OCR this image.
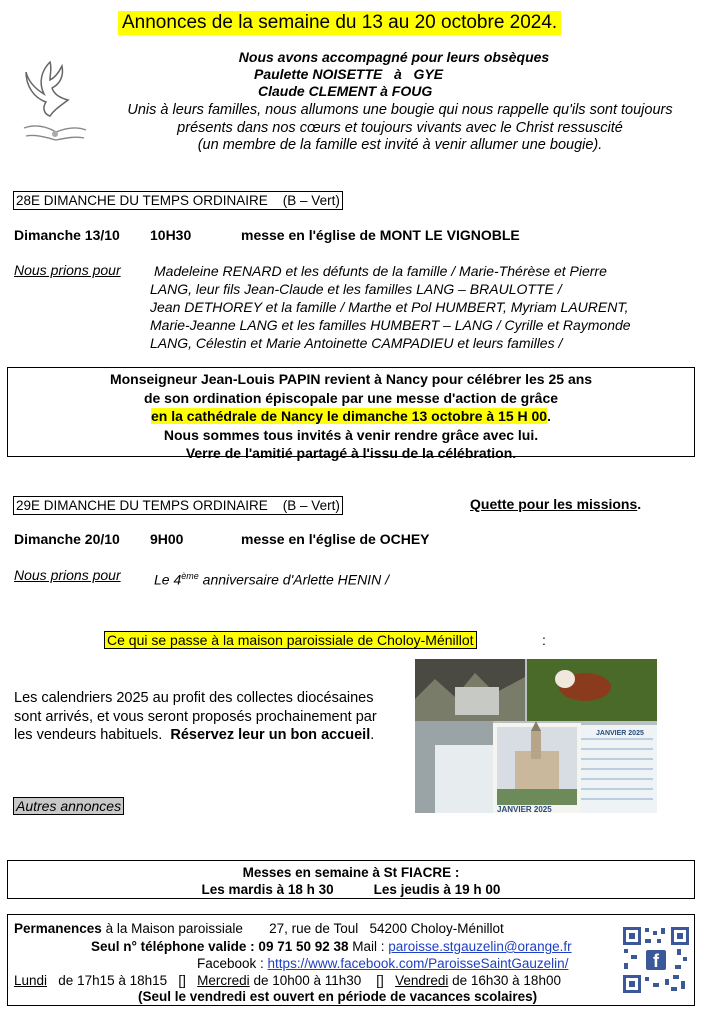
Annonces de la semaine du 13 au 20 octobre 2024.
Nous avons accompagné pour leurs obsèques
Paulette NOISETTE   à   GYE
Claude CLEMENT à FOUG
Unis à leurs familles, nous allumons une bougie qui nous rappelle qu'ils sont toujours
présents dans nos cœurs et toujours vivants avec le Christ ressuscité
(un membre de la famille est invité à venir allumer une bougie).
28E DIMANCHE DU TEMPS ORDINAIRE    (B – Vert)
Dimanche 13/10 10H30	messe en l'église de MONT LE VIGNOBLE
Nous prions pour Madeleine RENARD et les défunts de la famille / Marie-Thérèse et Pierre
LANG, leur fils Jean-Claude et les familles LANG – BRAULOTTE /
Jean DETHOREY et la famille / Marthe et Pol HUMBERT, Myriam LAURENT,
Marie-Jeanne LANG et les familles HUMBERT – LANG / Cyrille et Raymonde
LANG, Célestin et Marie Antoinette CAMPADIEU et leurs familles /
Monseigneur Jean-Louis PAPIN revient à Nancy pour célébrer les 25 ans
de son ordination épiscopale par une messe d'action de grâce
en la cathédrale de Nancy le dimanche 13 octobre à 15 H 00.
Nous sommes tous invités à venir rendre grâce avec lui.
Verre de l'amitié partagé à l'issu de la célébration.
29E DIMANCHE DU TEMPS ORDINAIRE    (B – Vert)	Quette pour les missions.
Dimanche 20/10 9H00	messe en l'église de OCHEY
Nous prions pour Le 4ème anniversaire d'Arlette HENIN /
Ce qui se passe à la maison paroissiale de Choloy-Ménillot	:
JANVIER 2025
JANVIER 2025
Les calendriers 2025 au profit des collectes diocésaines
sont arrivés, et vous seront proposés prochainement par
les vendeurs habituels. Réservez leur un bon accueil.
Autres annonces
Messes en semaine à St FIACRE :
Les mardis à 18 h 30	Les jeudis à 19 h 00
Permanences à la Maison paroissiale       27, rue de Toul   54200 Choloy-Ménillot
Seul n° téléphone valide : 09 71 50 92 38 Mail : paroisse.stgauzelin@orange.fr
Facebook : https://www.facebook.com/ParoisseSaintGauzelin/
Lundi   de 17h15 à 18h15   []   Mercredi de 10h00 à 11h30    []   Vendredi de 16h30 à 18h00
(Seul le vendredi est ouvert en période de vacances scolaires)
f
